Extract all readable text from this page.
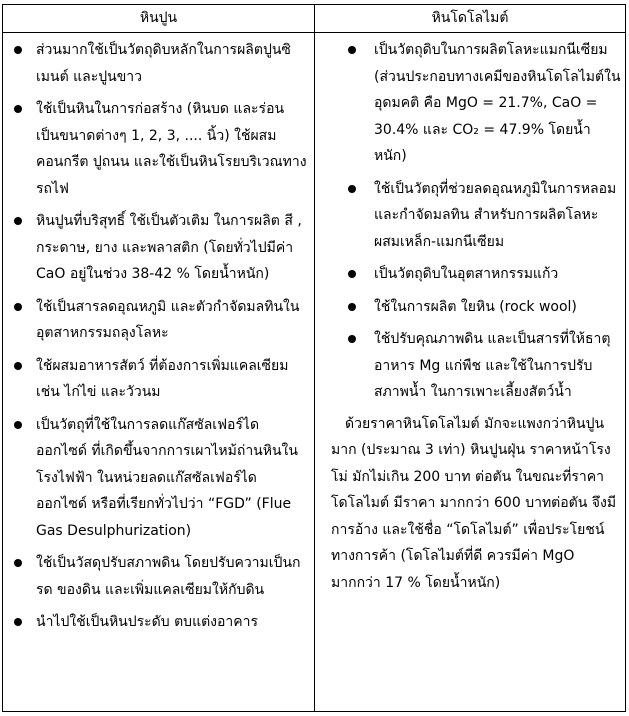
หินปูน	หินโดโลไมต์
ส่วนมากใช้เป็นวัตถุดิบหลักในการผลิตปูนซิเมนต์ และปูนขาว
ใช้เป็นหินในการก่อสร้าง (หินบด และร่อนเป็นขนาดต่างๆ 1, 2, 3, .... นิ้ว) ใช้ผสมคอนกรีต ปูถนน และใช้เป็นหินโรยบริเวณทางรถไฟ
หินปูนที่บริสุทธิ์ ใช้เป็นตัวเติม ในการผลิต สี , กระดาษ, ยาง และพลาสติก (โดยทั่วไปมีค่า CaO อยู่ในช่วง 38-42 % โดยน้ำหนัก)
ใช้เป็นสารลดอุณหภูมิ และตัวกำจัดมลทินในอุตสาหกรรมถลุงโลหะ
ใช้ผสมอาหารสัตว์ ที่ต้องการเพิ่มแคลเซียม เช่น ไก่ไข่ และวัวนม
เป็นวัตถุที่ใช้ในการลดแก๊สซัลเฟอร์ไดออกไซด์ ที่เกิดขึ้นจากการเผาไหม้ถ่านหินในโรงไฟฟ้า ในหน่วยลดแก๊สซัลเฟอร์ไดออกไซด์ หรือที่เรียกทั่วไปว่า “FGD” (Flue Gas Desulphurization)
ใช้เป็นวัสดุปรับสภาพดิน โดยปรับความเป็นกรด ของดิน และเพิ่มแคลเซียมให้กับดิน
นำไปใช้เป็นหินประดับ ตบแต่งอาคาร
เป็นวัตถุดิบในการผลิตโลหะแมกนีเซียม (ส่วนประกอบทางเคมีของหินโดโลไมต์ในอุดมคติ คือ MgO = 21.7%, CaO = 30.4% และ CO₂ = 47.9% โดยน้ำหนัก)
ใช้เป็นวัตถุที่ช่วยลดอุณหภูมิในการหลอม และกำจัดมลทิน สำหรับการผลิตโลหะผสมเหล็ก-แมกนีเซียม
เป็นวัตถุดิบในอุตสาหกรรมแก้ว
ใช้ในการผลิต ใยหิน (rock wool)
ใช้ปรับคุณภาพดิน และเป็นสารที่ให้ธาตุอาหาร Mg แก่พืช และใช้ในการปรับสภาพน้ำ ในการเพาะเลี้ยงสัตว์น้ำ

ด้วยราคาหินโดโลไมต์ มักจะแพงกว่าหินปูนมาก (ประมาณ 3 เท่า) หินปูนฝุ่น ราคาหน้าโรงโม่ มักไม่เกิน 200 บาท ต่อตัน ในขณะที่ราคาโดโลไมต์ มีราคา มากกว่า 600 บาทต่อตัน จึงมีการอ้าง และใช้ชื่อ “โดโลไมต์” เพื่อประโยชน์ทางการค้า (โดโลไมต์ที่ดี ควรมีค่า MgO มากกว่า 17 % โดยน้ำหนัก)
